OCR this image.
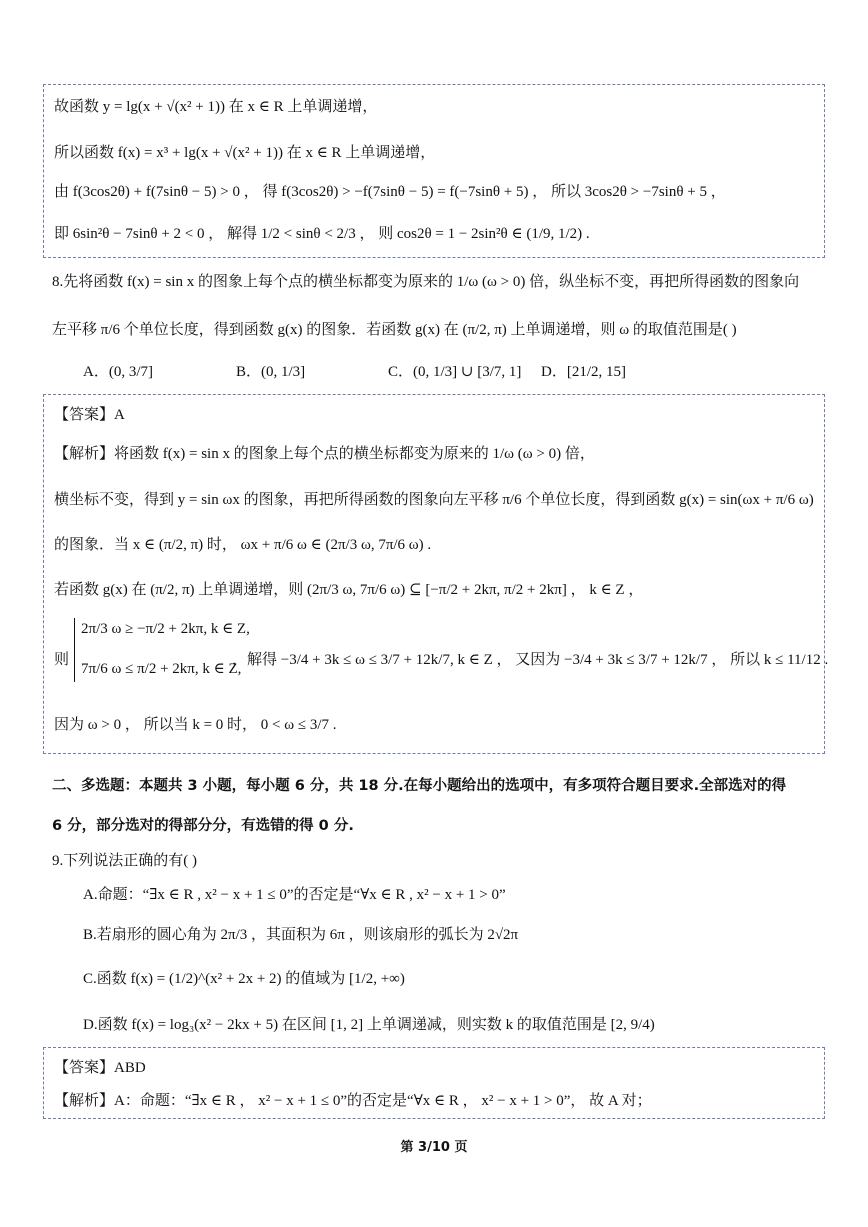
故函数 y = lg(x + √(x² + 1)) 在 x ∈ R 上单调递增，
所以函数 f(x) = x³ + lg(x + √(x² + 1)) 在 x ∈ R 上单调递增，
由 f(3cos2θ) + f(7sinθ − 5) > 0 ， 得 f(3cos2θ) > −f(7sinθ − 5) = f(−7sinθ + 5) ， 所以 3cos2θ > −7sinθ + 5 ，
即 6sin²θ − 7sinθ + 2 < 0 ， 解得 1/2 < sinθ < 2/3 ， 则 cos2θ = 1 − 2sin²θ ∈ (1/9, 1/2) .
8.先将函数 f(x) = sin x 的图象上每个点的横坐标都变为原来的 1/ω (ω > 0) 倍，纵坐标不变，再把所得函数的图象向
左平移 π/6 个单位长度，得到函数 g(x) 的图象．若函数 g(x) 在 (π/2, π) 上单调递增，则 ω 的取值范围是( )
A．(0, 3/7]	B．(0, 1/3]	C．(0, 1/3] ∪ [3/7, 1] D．[21/2, 15]
【答案】A
【解析】将函数 f(x) = sin x 的图象上每个点的横坐标都变为原来的 1/ω (ω > 0) 倍，
横坐标不变，得到 y = sin ωx 的图象，再把所得函数的图象向左平移 π/6 个单位长度，得到函数 g(x) = sin(ωx + π/6 ω)
的图象．当 x ∈ (π/2, π) 时， ωx + π/6 ω ∈ (2π/3 ω, 7π/6 ω) .
若函数 g(x) 在 (π/2, π) 上单调递增，则 (2π/3 ω, 7π/6 ω) ⊆ [−π/2 + 2kπ, π/2 + 2kπ] ， k ∈ Z ，
则
2π/3 ω ≥ −π/2 + 2kπ, k ∈ Z,
7π/6 ω ≤ π/2 + 2kπ, k ∈ Z,
，解得 −3/4 + 3k ≤ ω ≤ 3/7 + 12k/7, k ∈ Z ， 又因为 −3/4 + 3k ≤ 3/7 + 12k/7 ， 所以 k ≤ 11/12 .
因为 ω > 0 ， 所以当 k = 0 时， 0 < ω ≤ 3/7 .
二、多选题：本题共 3 小题，每小题 6 分，共 18 分.在每小题给出的选项中，有多项符合题目要求.全部选对的得
6 分，部分选对的得部分分，有选错的得 0 分.
9.下列说法正确的有( )
A.命题：“∃x ∈ R , x² − x + 1 ≤ 0”的否定是“∀x ∈ R , x² − x + 1 > 0”
B.若扇形的圆心角为 2π/3 ，其面积为 6π ，则该扇形的弧长为 2√2π
C.函数 f(x) = (1/2)^(x² + 2x + 2) 的值域为 [1/2, +∞)
D.函数 f(x) = log₃(x² − 2kx + 5) 在区间 [1, 2] 上单调递减，则实数 k 的取值范围是 [2, 9/4)
【答案】ABD
【解析】A：命题：“∃x ∈ R ， x² − x + 1 ≤ 0”的否定是“∀x ∈ R ， x² − x + 1 > 0”， 故 A 对；
第 3/10 页
